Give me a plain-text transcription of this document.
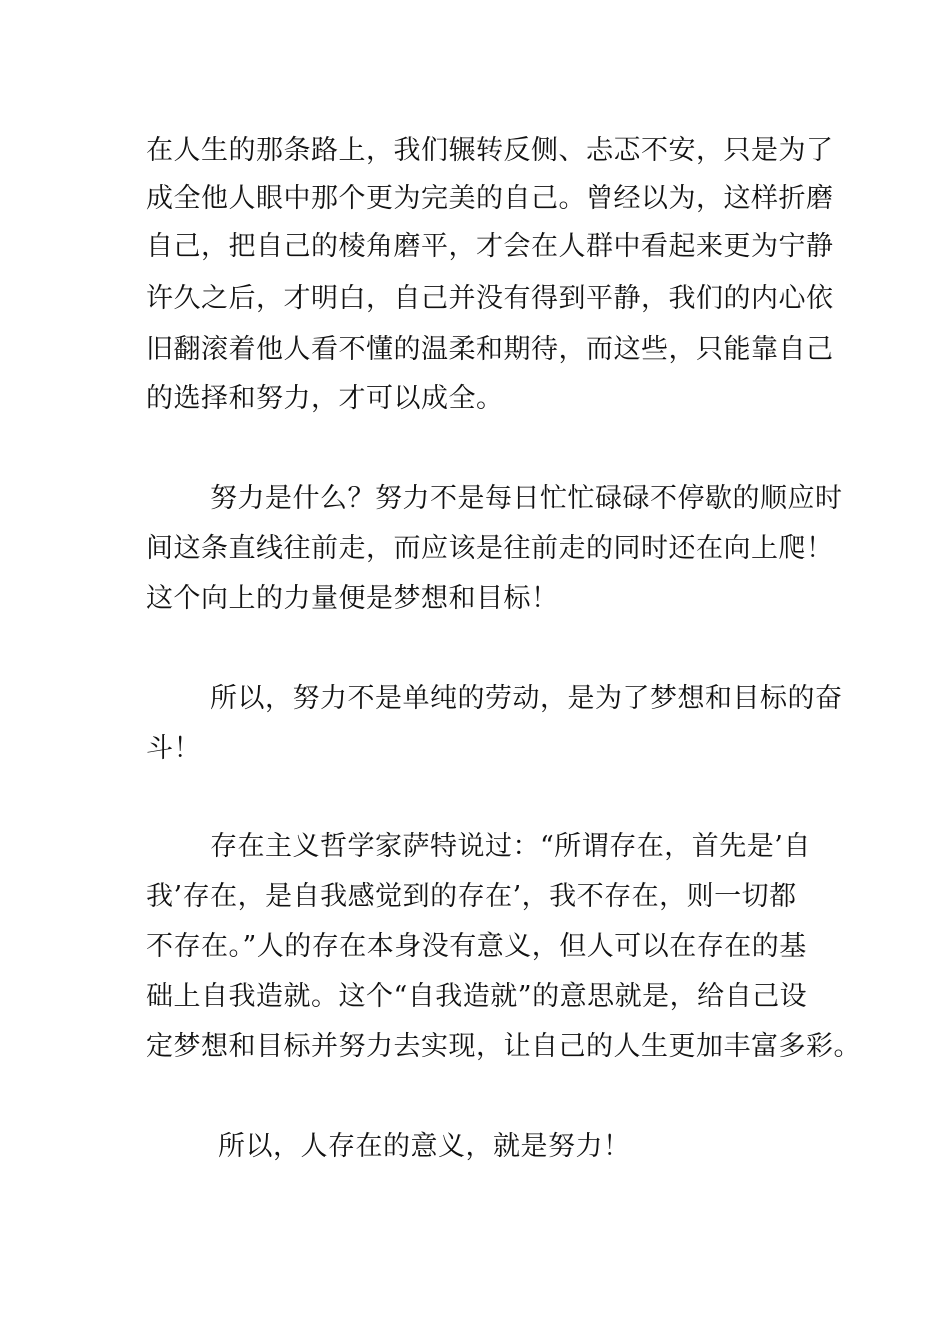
在人生的那条路上，我们辗转反侧、忐忑不安，只是为了
成全他人眼中那个更为完美的自己。曾经以为，这样折磨
自己，把自己的棱角磨平，才会在人群中看起来更为宁静
许久之后，才明白，自己并没有得到平静，我们的内心依
旧翻滚着他人看不懂的温柔和期待，而这些，只能靠自己
的选择和努力，才可以成全。
努力是什么？努力不是每日忙忙碌碌不停歇的顺应时
间这条直线往前走，而应该是往前走的同时还在向上爬！
这个向上的力量便是梦想和目标！
所以，努力不是单纯的劳动，是为了梦想和目标的奋
斗！
存在主义哲学家萨特说过：“所谓存在，首先是’自
我’存在，是自我感觉到的存在’，我不存在，则一切都
不存在。”人的存在本身没有意义，但人可以在存在的基
础上自我造就。这个“自我造就”的意思就是，给自己设
定梦想和目标并努力去实现，让自己的人生更加丰富多彩。
所以，人存在的意义，就是努力！
